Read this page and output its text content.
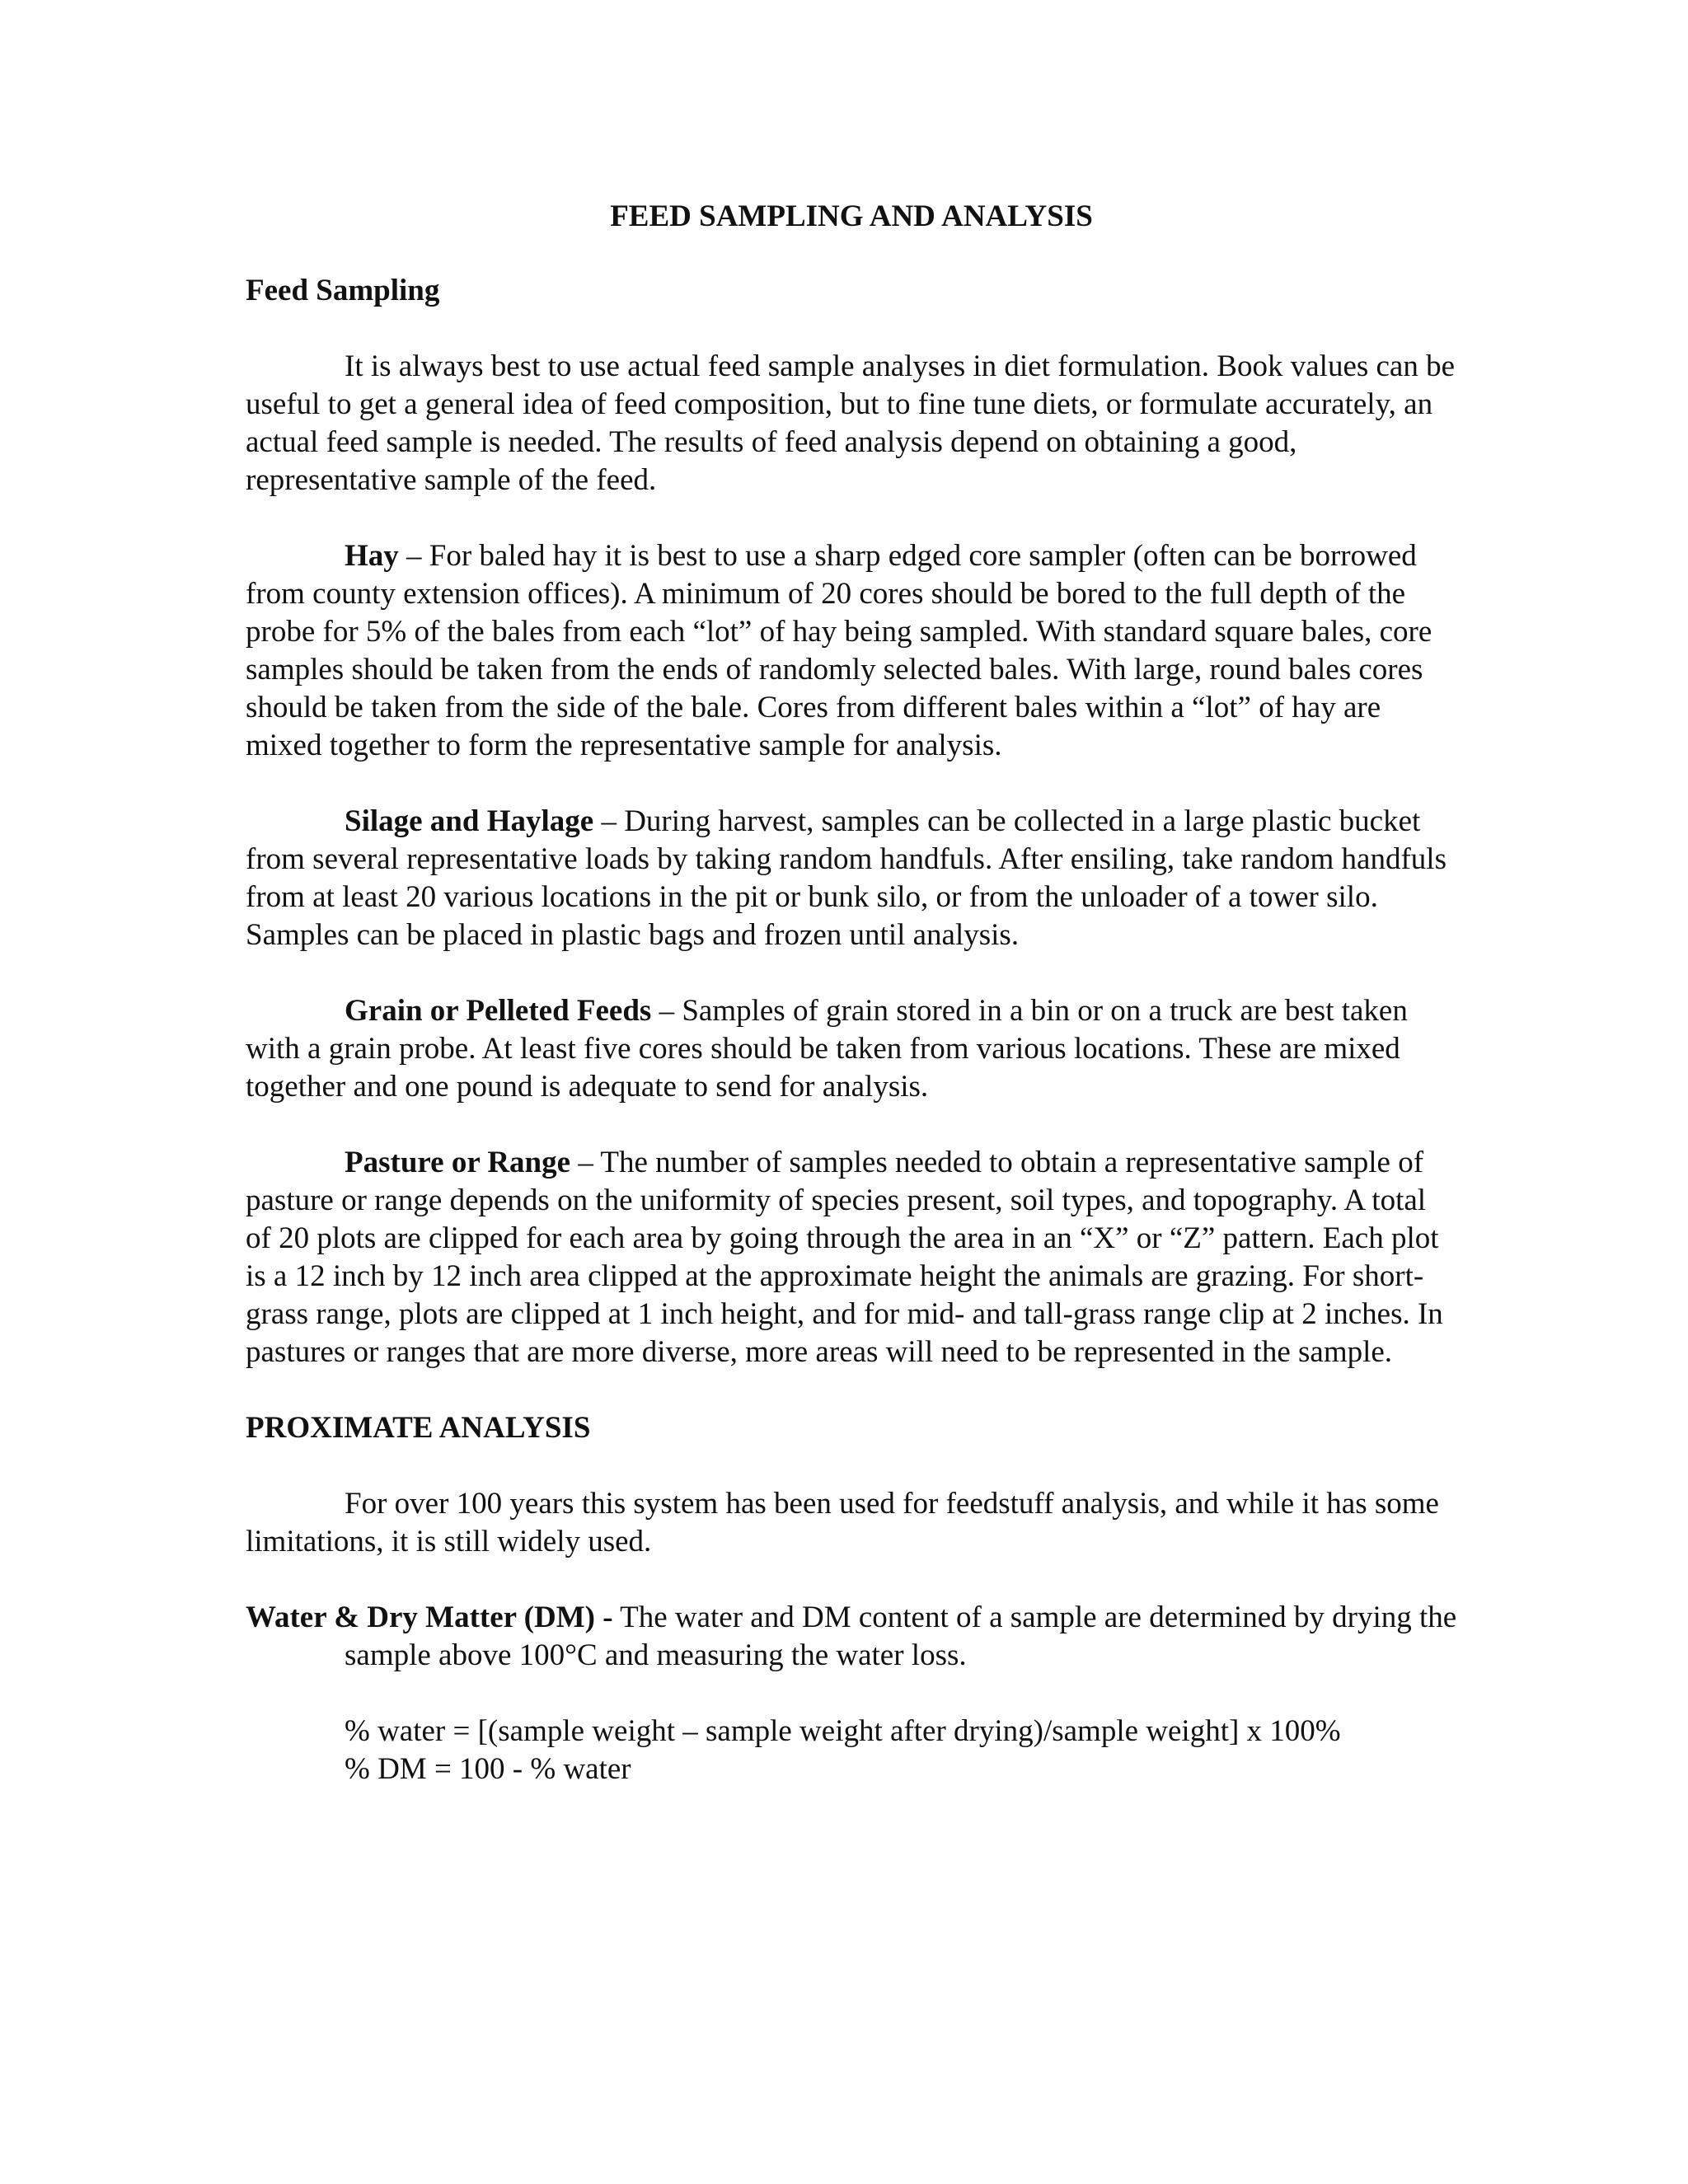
FEED SAMPLING AND ANALYSIS
Feed Sampling

It is always best to use actual feed sample analyses in diet formulation. Book values can be useful to get a general idea of feed composition, but to fine tune diets, or formulate accurately, an actual feed sample is needed. The results of feed analysis depend on obtaining a good, representative sample of the feed.

Hay – For baled hay it is best to use a sharp edged core sampler (often can be borrowed from county extension offices). A minimum of 20 cores should be bored to the full depth of the probe for 5% of the bales from each “lot” of hay being sampled. With standard square bales, core samples should be taken from the ends of randomly selected bales. With large, round bales cores should be taken from the side of the bale. Cores from different bales within a “lot” of hay are mixed together to form the representative sample for analysis.

Silage and Haylage – During harvest, samples can be collected in a large plastic bucket from several representative loads by taking random handfuls. After ensiling, take random handfuls from at least 20 various locations in the pit or bunk silo, or from the unloader of a tower silo. Samples can be placed in plastic bags and frozen until analysis.

Grain or Pelleted Feeds – Samples of grain stored in a bin or on a truck are best taken with a grain probe. At least five cores should be taken from various locations. These are mixed together and one pound is adequate to send for analysis.

Pasture or Range – The number of samples needed to obtain a representative sample of pasture or range depends on the uniformity of species present, soil types, and topography. A total of 20 plots are clipped for each area by going through the area in an “X” or “Z” pattern. Each plot is a 12 inch by 12 inch area clipped at the approximate height the animals are grazing. For short-grass range, plots are clipped at 1 inch height, and for mid- and tall-grass range clip at 2 inches. In pastures or ranges that are more diverse, more areas will need to be represented in the sample.

PROXIMATE ANALYSIS

For over 100 years this system has been used for feedstuff analysis, and while it has some limitations, it is still widely used.

Water & Dry Matter (DM) - The water and DM content of a sample are determined by drying the sample above 100°C and measuring the water loss.

% water = [(sample weight – sample weight after drying)/sample weight] x 100%
% DM = 100 - % water
